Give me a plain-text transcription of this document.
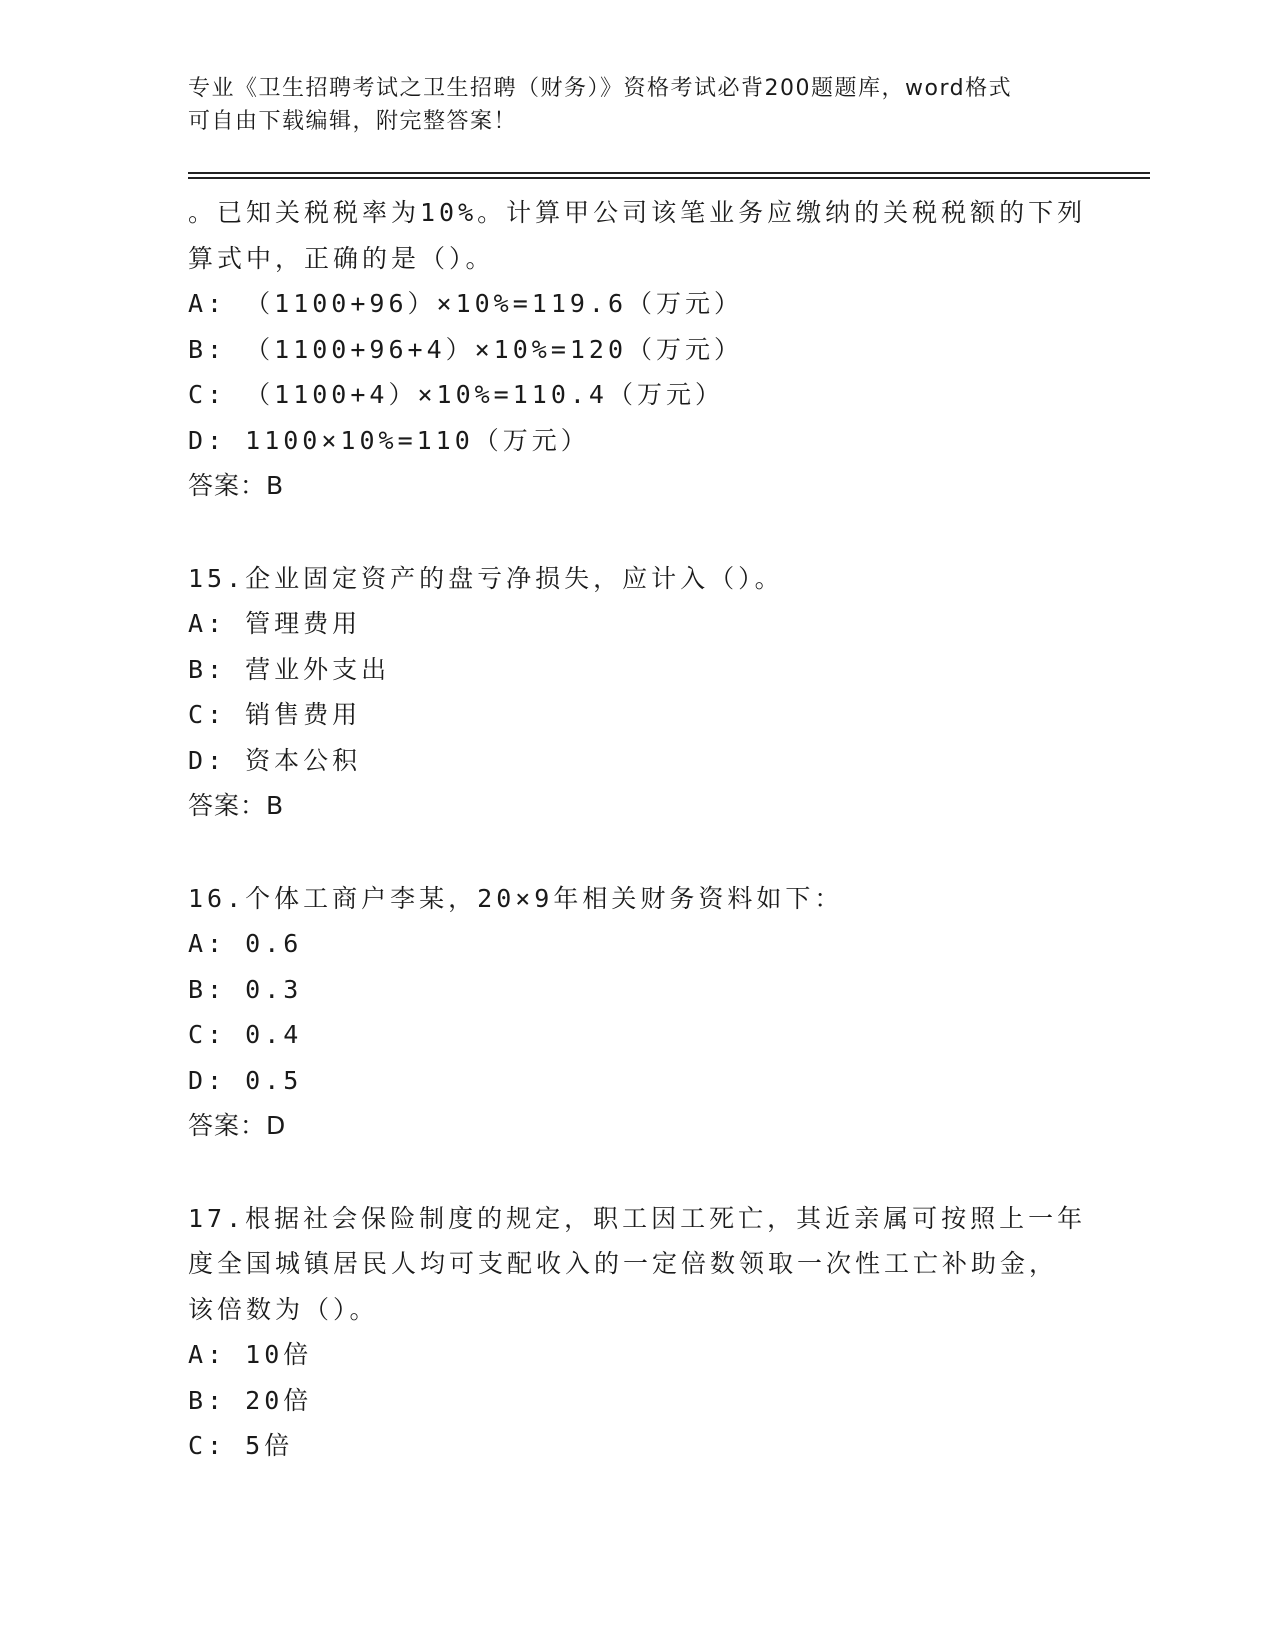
专业《卫生招聘考试之卫生招聘（财务）》资格考试必背200题题库，word格式
可自由下载编辑，附完整答案！

。已知关税税率为10%。计算甲公司该笔业务应缴纳的关税税额的下列

算式中，正确的是（）。

A: （1100+96）×10%=119.6（万元）

B: （1100+96+4）×10%=120（万元）

C: （1100+4）×10%=110.4（万元）

D: 1100×10%=110（万元）

答案：B

15.企业固定资产的盘亏净损失，应计入（）。

A: 管理费用

B: 营业外支出

C: 销售费用

D: 资本公积

答案：B

16.个体工商户李某，20×9年相关财务资料如下：

A: 0.6

B: 0.3

C: 0.4

D: 0.5

答案：D

17.根据社会保险制度的规定，职工因工死亡，其近亲属可按照上一年

度全国城镇居民人均可支配收入的一定倍数领取一次性工亡补助金，

该倍数为（）。

A: 10倍

B: 20倍

C: 5倍
